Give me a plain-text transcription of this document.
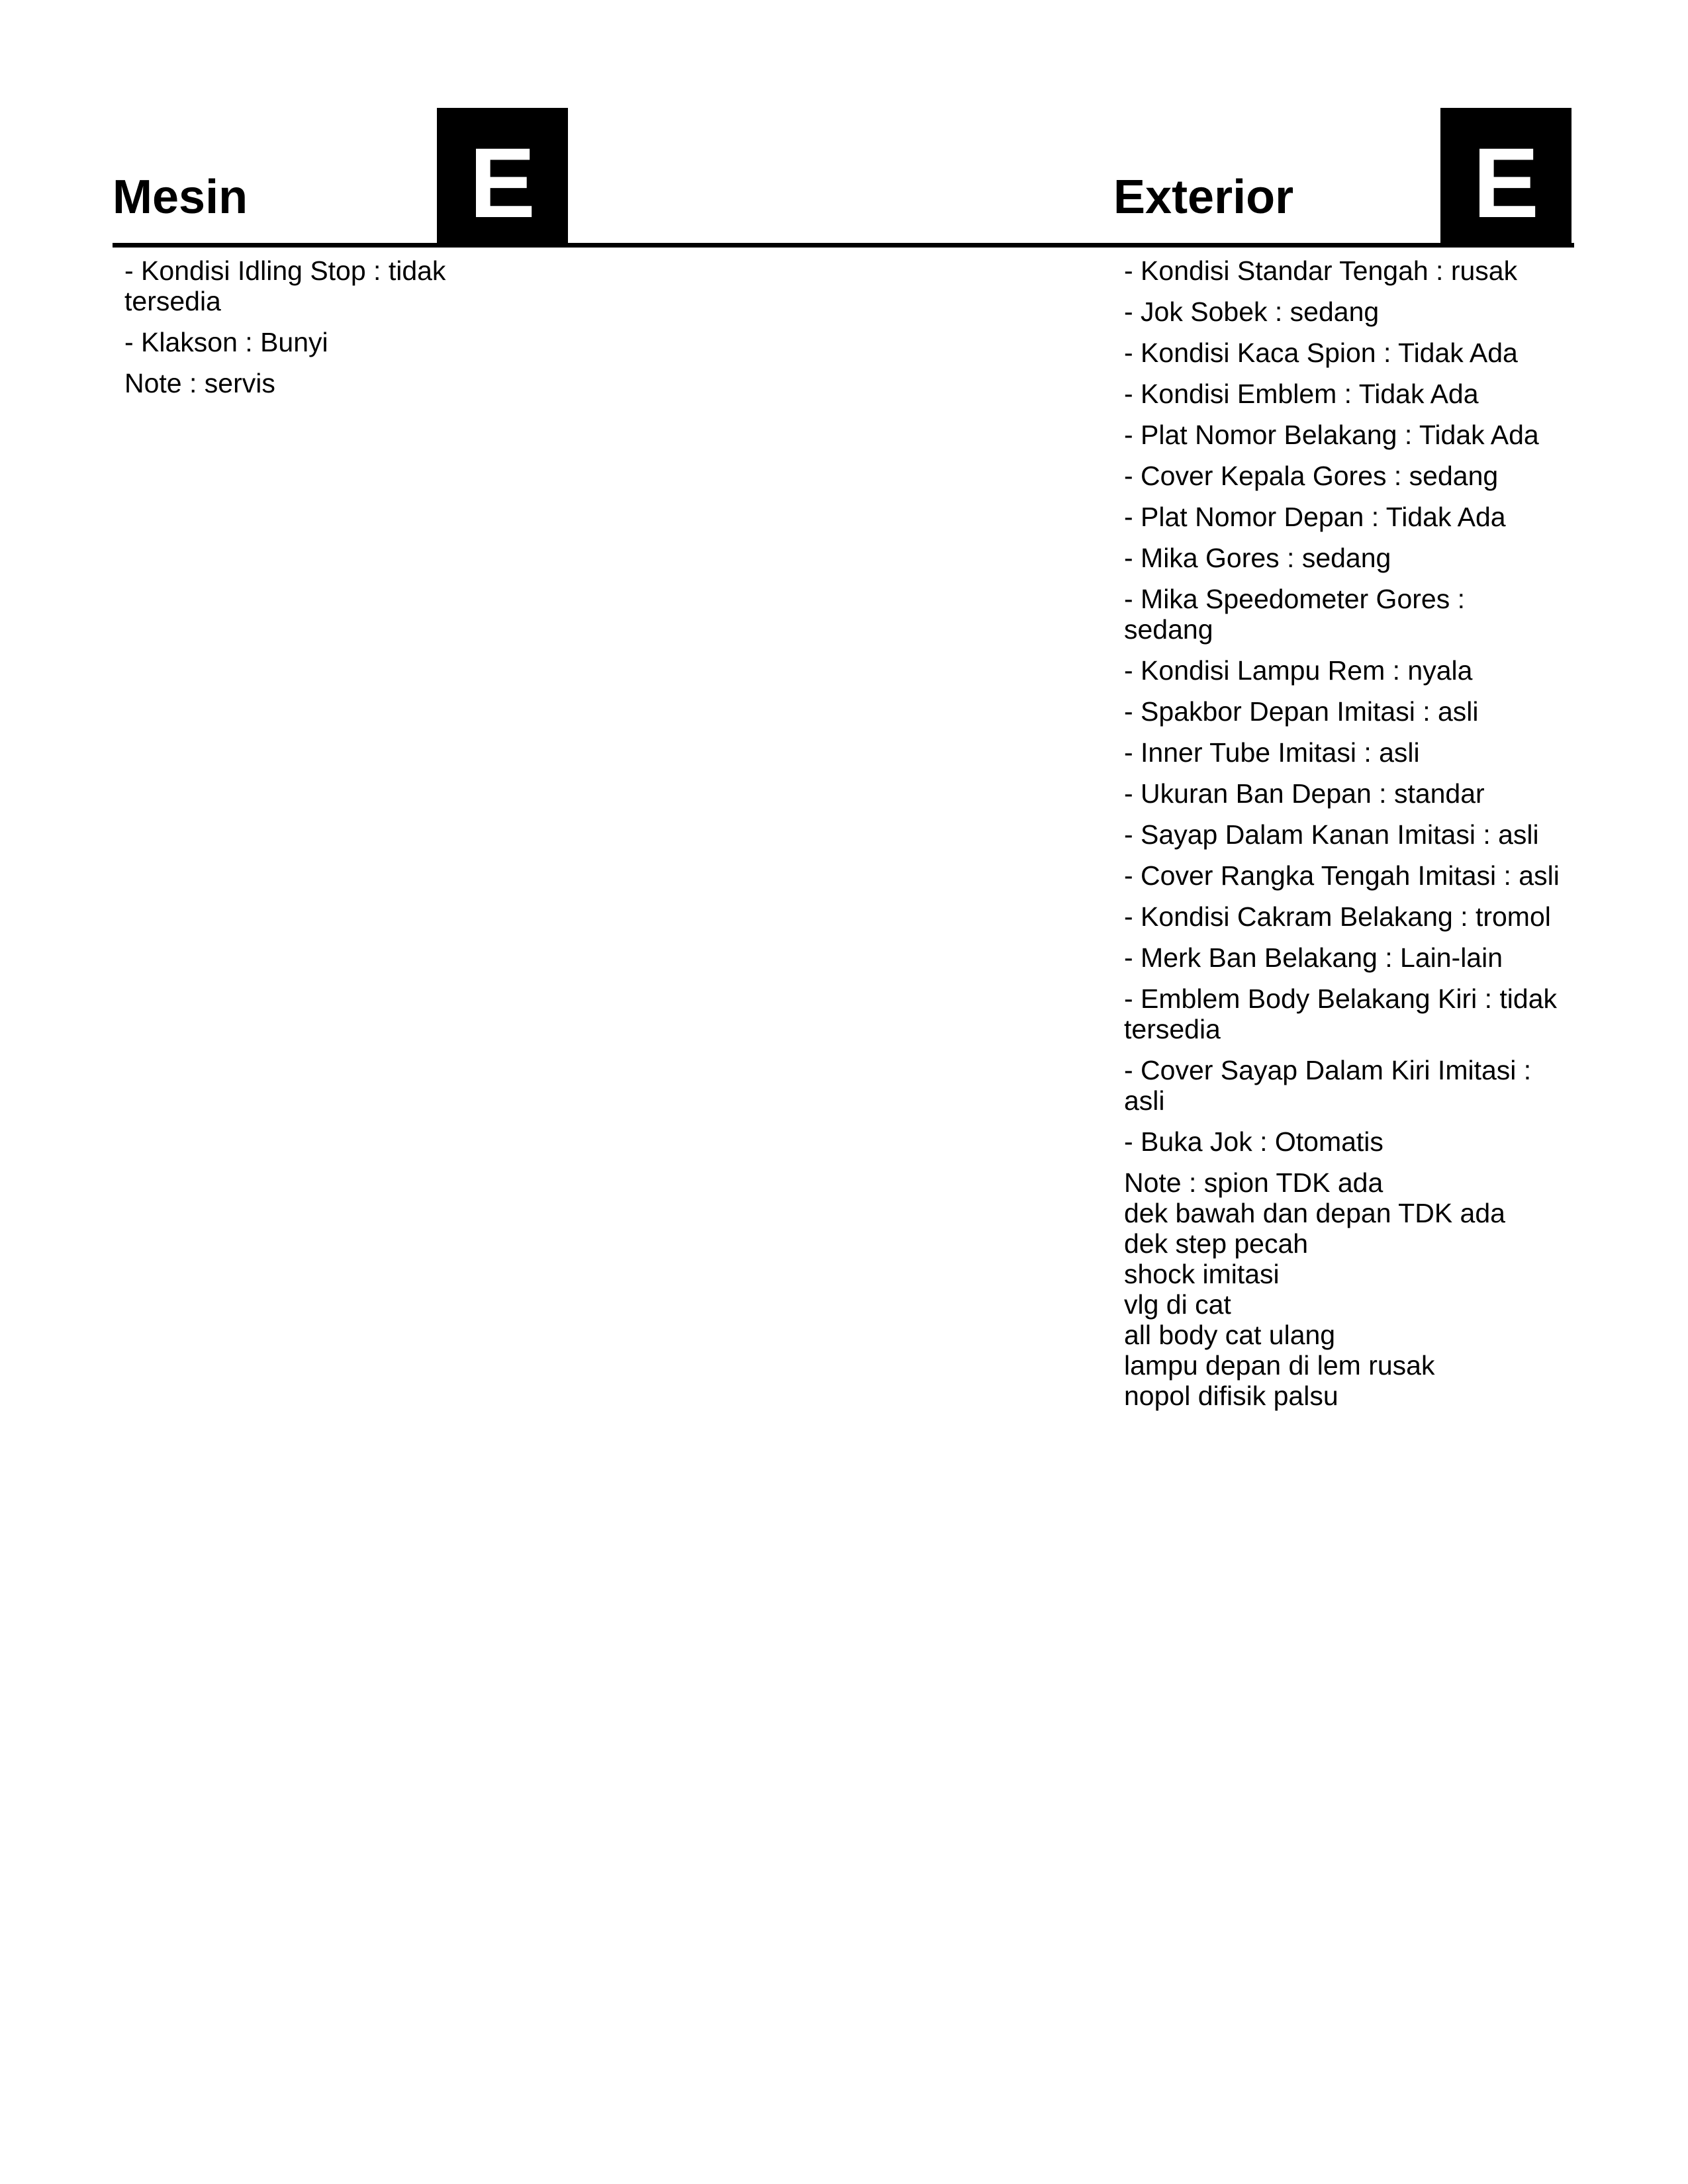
Mesin	E
- Kondisi Idling Stop : tidak tersedia
- Klakson : Bunyi
Note : servis
Exterior	E
- Kondisi Standar Tengah : rusak
- Jok Sobek : sedang
- Kondisi Kaca Spion : Tidak Ada
- Kondisi Emblem : Tidak Ada
- Plat Nomor Belakang : Tidak Ada
- Cover Kepala Gores : sedang
- Plat Nomor Depan : Tidak Ada
- Mika Gores : sedang
- Mika Speedometer Gores : sedang
- Kondisi Lampu Rem : nyala
- Spakbor Depan Imitasi : asli
- Inner Tube Imitasi : asli
- Ukuran Ban Depan : standar
- Sayap Dalam Kanan Imitasi : asli
- Cover Rangka Tengah Imitasi : asli
- Kondisi Cakram Belakang : tromol
- Merk Ban Belakang : Lain-lain
- Emblem Body Belakang Kiri : tidak tersedia
- Cover Sayap Dalam Kiri Imitasi : asli
- Buka Jok : Otomatis
Note : spion TDK ada
dek bawah dan depan TDK ada
dek step pecah
shock imitasi
vlg di cat
all body cat ulang
lampu depan di lem rusak
nopol difisik palsu
